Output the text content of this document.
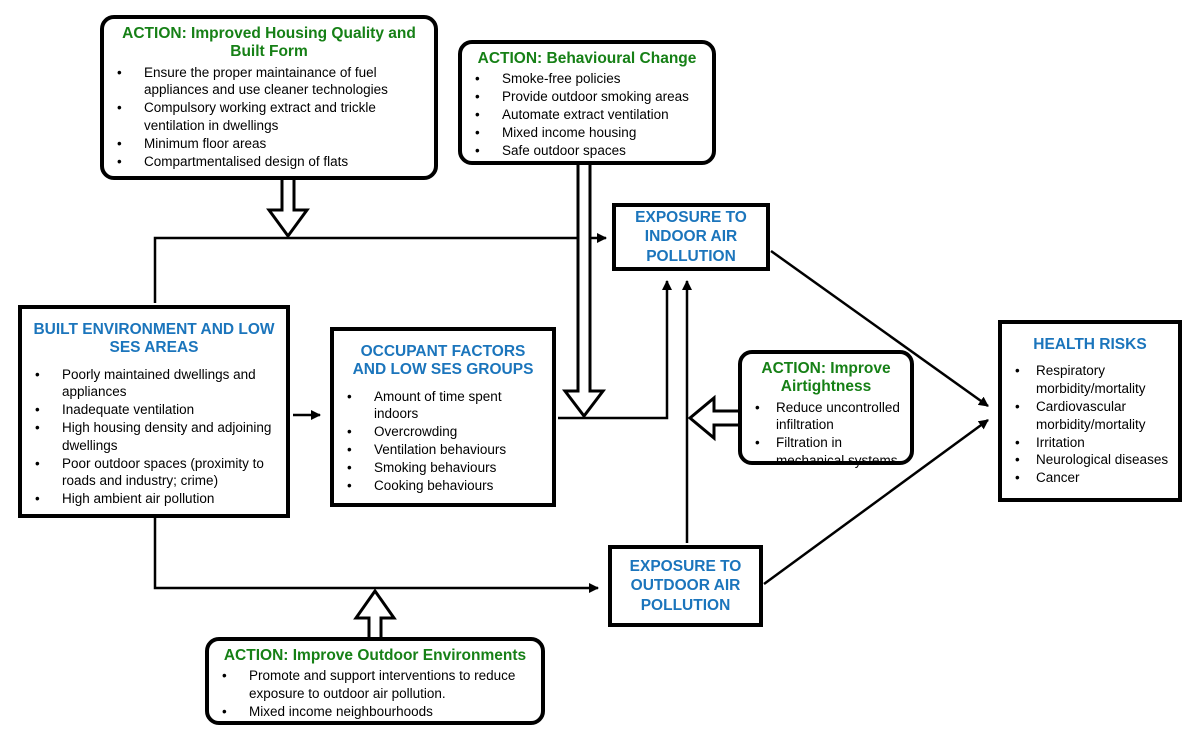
ACTION: Improved Housing Quality and Built Form
• Ensure the proper maintainance of fuel appliances and use cleaner technologies
• Compulsory working extract and trickle ventilation in dwellings
• Minimum floor areas
• Compartmentalised design of flats
ACTION: Behavioural Change
• Smoke-free policies
• Provide outdoor smoking areas
• Automate extract ventilation
• Mixed income housing
• Safe outdoor spaces
BUILT ENVIRONMENT AND LOW SES AREAS
• Poorly maintained dwellings and appliances
• Inadequate ventilation
• High housing density and adjoining dwellings
• Poor outdoor spaces (proximity to roads and industry; crime)
• High ambient air pollution
OCCUPANT FACTORS AND LOW SES GROUPS
• Amount of time spent indoors
• Overcrowding
• Ventilation behaviours
• Smoking behaviours
• Cooking behaviours
EXPOSURE TO INDOOR AIR POLLUTION
ACTION: Improve Airtightness
• Reduce uncontrolled infiltration
• Filtration in mechanical systems
HEALTH RISKS
• Respiratory morbidity/mortality
• Cardiovascular morbidity/mortality
• Irritation
• Neurological diseases
• Cancer
EXPOSURE TO OUTDOOR AIR POLLUTION
ACTION: Improve Outdoor Environments
• Promote and support interventions to reduce exposure to outdoor air pollution.
• Mixed income neighbourhoods
